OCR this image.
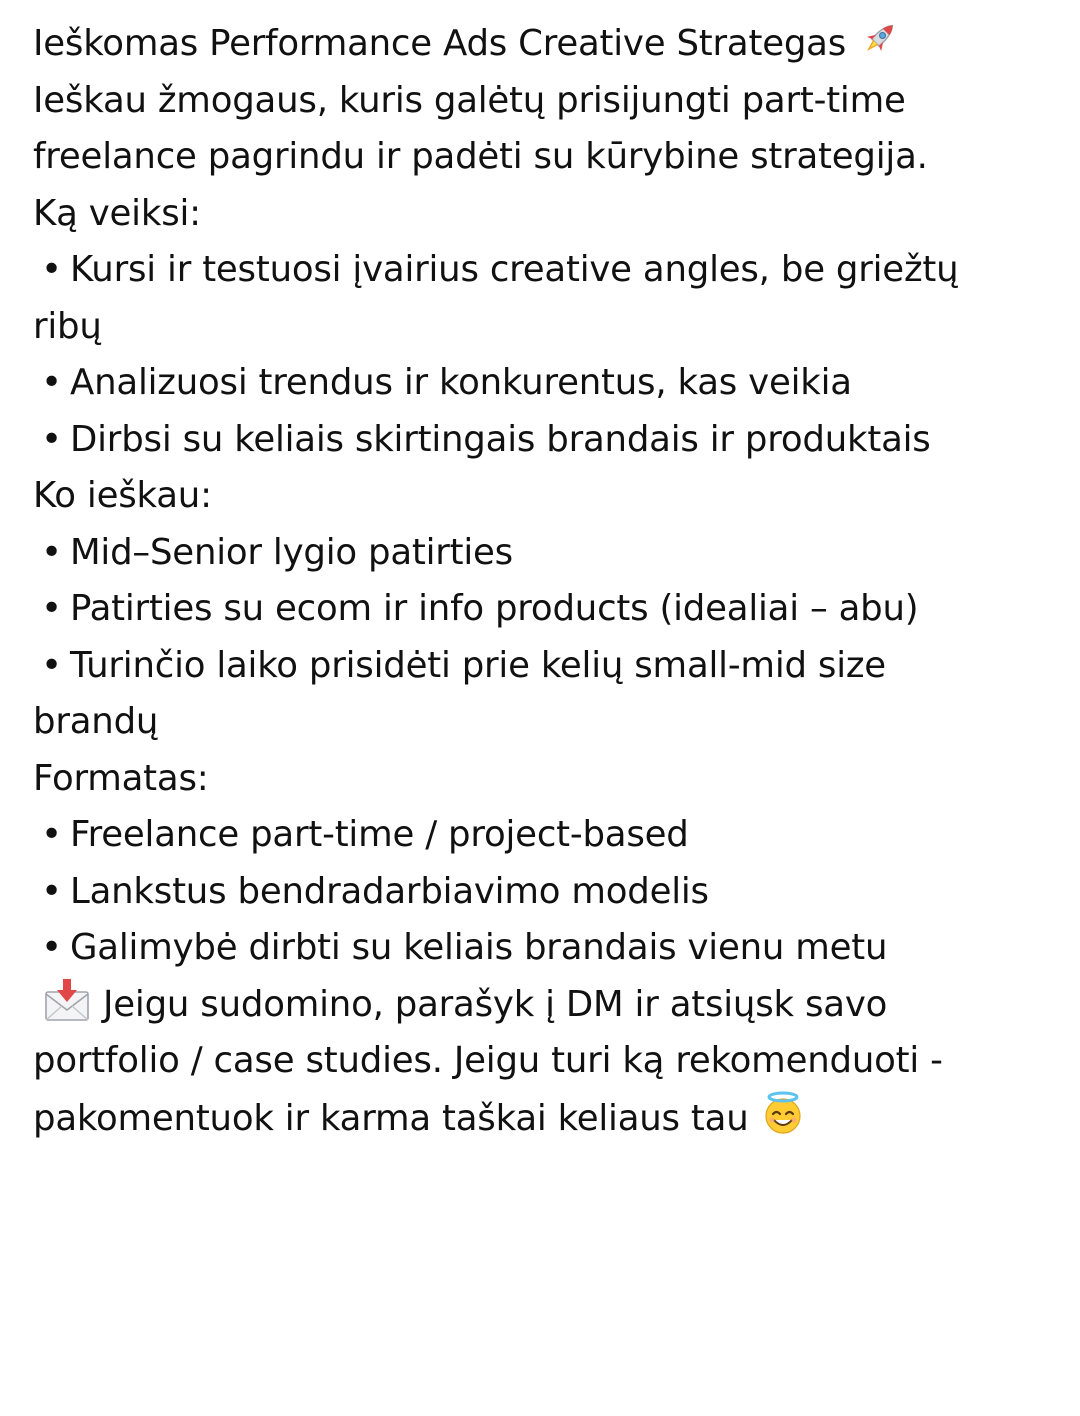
Ieškomas Performance Ads Creative Strategas
Ieškau žmogaus, kuris galėtų prisijungti part-time
freelance pagrindu ir padėti su kūrybine strategija.
Ką veiksi:
• Kursi ir testuosi įvairius creative angles, be griežtų
ribų
• Analizuosi trendus ir konkurentus, kas veikia
• Dirbsi su keliais skirtingais brandais ir produktais
Ko ieškau:
• Mid–Senior lygio patirties
• Patirties su ecom ir info products (idealiai – abu)
• Turinčio laiko prisidėti prie kelių small-mid size
brandų
Formatas:
• Freelance part-time / project-based
• Lankstus bendradarbiavimo modelis
• Galimybė dirbti su keliais brandais vienu metu
Jeigu sudomino, parašyk į DM ir atsiųsk savo
portfolio / case studies. Jeigu turi ką rekomenduoti -
pakomentuok ir karma taškai keliaus tau
